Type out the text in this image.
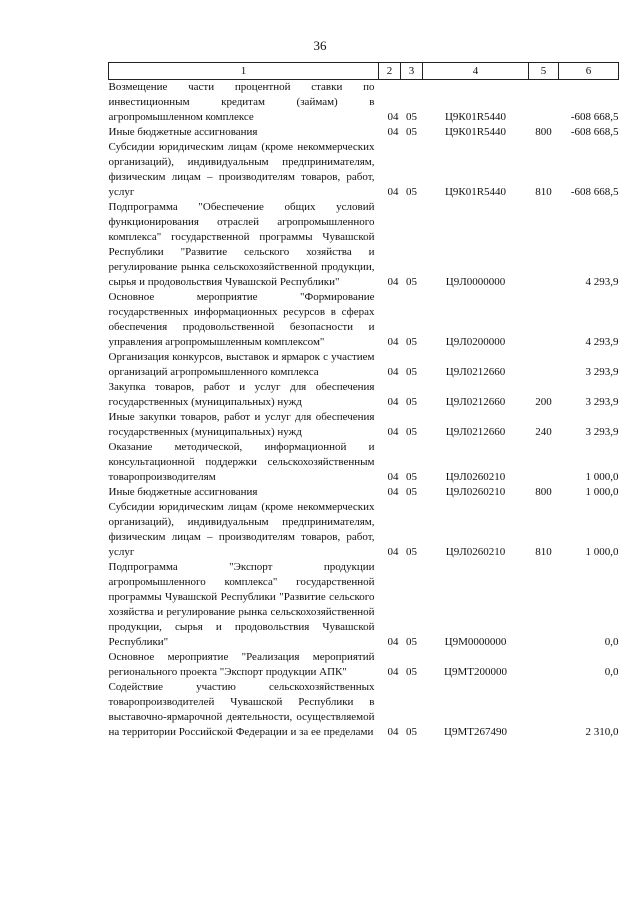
36
1	2	3	4	5	6
Возмещение части процентной ставки по инвестиционным кредитам (займам) в агропромышленном комплексе	04	05	Ц9К01R5440		-608 668,5
Иные бюджетные ассигнования	04	05	Ц9К01R5440	800	-608 668,5
Субсидии юридическим лицам (кроме некоммерческих организаций), индивидуальным предпринимателям, физическим лицам – производителям товаров, работ, услуг	04	05	Ц9К01R5440	810	-608 668,5
Подпрограмма "Обеспечение общих условий функционирования отраслей агропромышленного комплекса" государственной программы Чувашской Республики "Развитие сельского хозяйства и регулирование рынка сельскохозяйственной продукции, сырья и продовольствия Чувашской Республики"	04	05	Ц9Л0000000		4 293,9
Основное мероприятие "Формирование государственных информационных ресурсов в сферах обеспечения продовольственной безопасности и управления агропромышленным комплексом"	04	05	Ц9Л0200000		4 293,9
Организация конкурсов, выставок и ярмарок с участием организаций агропромышленного комплекса	04	05	Ц9Л0212660		3 293,9
Закупка товаров, работ и услуг для обеспечения государственных (муниципальных) нужд	04	05	Ц9Л0212660	200	3 293,9
Иные закупки товаров, работ и услуг для обеспечения государственных (муниципальных) нужд	04	05	Ц9Л0212660	240	3 293,9
Оказание методической, информационной и консультационной поддержки сельскохозяйственным товаропроизводителям	04	05	Ц9Л0260210		1 000,0
Иные бюджетные ассигнования	04	05	Ц9Л0260210	800	1 000,0
Субсидии юридическим лицам (кроме некоммерческих организаций), индивидуальным предпринимателям, физическим лицам – производителям товаров, работ, услуг	04	05	Ц9Л0260210	810	1 000,0
Подпрограмма "Экспорт продукции агропромышленного комплекса" государственной программы Чувашской Республики "Развитие сельского хозяйства и регулирование рынка сельскохозяйственной продукции, сырья и продовольствия Чувашской Республики"	04	05	Ц9М0000000		0,0
Основное мероприятие "Реализация мероприятий регионального проекта "Экспорт продукции АПК"	04	05	Ц9МТ200000		0,0
Содействие участию сельскохозяйственных товаропроизводителей Чувашской Республики в выставочно-ярмарочной деятельности, осуществляемой на территории Российской Федерации и за ее пределами	04	05	Ц9МТ267490		2 310,0
